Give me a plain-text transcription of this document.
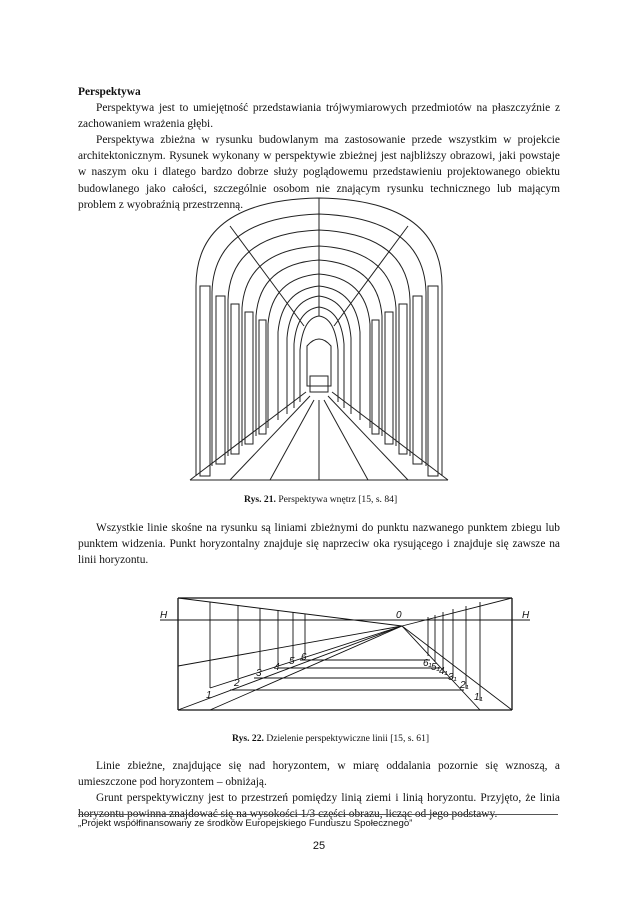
Perspektywa
Perspektywa jest to umiejętność przedstawiania trójwymiarowych przedmiotów na płaszczyźnie z zachowaniem wrażenia głębi.
Perspektywa zbieżna w rysunku budowlanym ma zastosowanie przede wszystkim w projekcie architektonicznym. Rysunek wykonany w perspektywie zbieżnej jest najbliższy obrazowi, jaki powstaje w naszym oku i dlatego bardzo dobrze służy poglądowemu przedstawieniu projektowanego obiektu budowlanego jako całości, szczególnie osobom nie znającym rysunku technicznego lub mającym problem z wyobraźnią przestrzenną.
Rys. 21. Perspektywa wnętrz [15, s. 84]
Wszystkie linie skośne na rysunku są liniami zbieżnymi do punktu nazwanego punktem zbiegu lub punktem widzenia. Punkt horyzontalny znajduje się naprzeciw oka rysującego i znajduje się zawsze na linii horyzontu.
H	H
0
1
2
3
4
5 6
6₁ 5₁ 4₁
3₁
2₁
1₁
Rys. 22. Dzielenie perspektywiczne linii [15, s. 61]
Linie zbieżne, znajdujące się nad horyzontem, w miarę oddalania pozornie się wznoszą, a umieszczone pod horyzontem – obniżają.
Grunt perspektywiczny jest to przestrzeń pomiędzy linią ziemi i linią horyzontu. Przyjęto, że linia horyzontu powinna znajdować się na wysokości 1/3 części obrazu, licząc od jego podstawy.
„Projekt współfinansowany ze środków Europejskiego Funduszu Społecznego”
25
